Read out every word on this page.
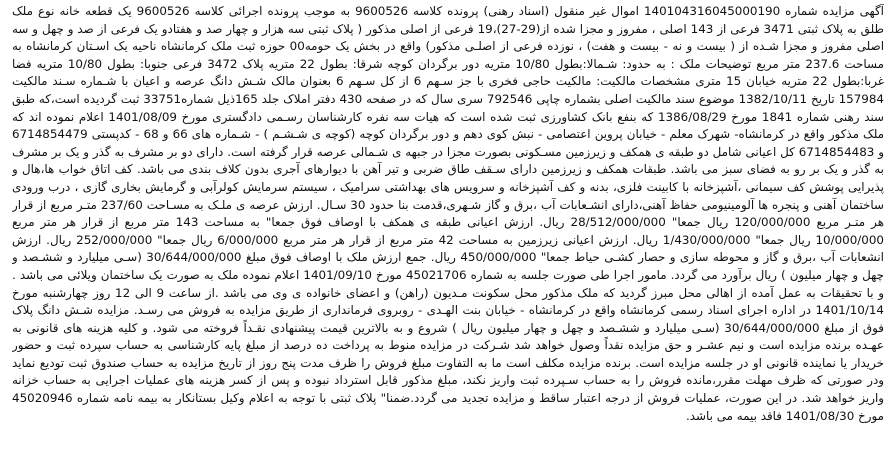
آگهی مزایده شماره 140104316045000190 اموال غیر منقول (اسناد رهنی) پرونده کلاسه 9600526 به موجب پرونده اجرائی کلاسه 9600526 یک قطعه خانه نوع ملک طلق به پلاک ثبتی 3471 فرعی از 143 اصلی ، مفروز و مجزا شده از(29-27)،19 فرعی از اصلی مذکور ( پلاک ثبتی سه هزار و چهار صد و هفتادو یک فرعی از صد و چهل و سه اصلی مفروز و مجزا شـده از ( بیست و نه - بیست و هفت) ، نوزده فرعی از اصلـی مذکور) واقع در بخش یک حومه00 حوزه ثبت ملک کرمانشاه ناحیه یک اسـتان کرمانشاه به مساحت 237.6 متر مربع توضیحات ملک : به حدود: شـمالا:بطول 10/80 متریه دور برگردان کوچه شرقا: بطول 22 متریه پلاک 3472 فرعی جنوبا: بطول 10/80 متریه فضا غربا:بطول 22 متریه خیابان 15 متری مشخصات مالکیت: مالکیت حاجی فخری با جز سـهم 6 از کل سـهم 6 بعنوان مالک شـش دانگ عرصه و اعیان با شـماره سـند مالکیت 157984 تاریخ 1382/10/11 موضوع سند مالکیت اصلی بشماره چاپی 792546 سری سال که در صفحه 430 دفتر املاک جلد 165ذیل شماره33751 ثبت گردیده است،که طبق سند رهنی شماره 1841 مورخ 1386/08/29 که بنفع بانک کشاورزی ثبت شده است که هیات سه نفره کارشناسان رسـمی دادگستری مورخ 1401/08/09 اعلام نموده اند که ملک مذکور واقع در کرمانشاه- شهرک معلم - خیابان پروین اعتصامی - نبش کوی دهم و دور برگردان کوچه (کوچه ی شـشـم ) - شـماره های 66 و 68 - کدپستی 6714854479 و 6714854483 کل اعیانی شامل دو طبقه ی همکف و زیرزمین مسـکونی بصورت مجزا در جبهه ی شـمالی عرصه قرار گرفته است. دارای دو بر مشرف به گذر و یک بر مشرف به گذر و یک بر رو به فضای سبز می باشد. طبقات همکف و زیرزمین دارای سـقف طاق ضربی و تیر آهن با دیوارهای آجری بدون کلاف بندی می باشد. کف اتاق خواب ها،هال و پذیرایی پوشش کف سیمانی ،آشپزخانه با کابینت فلزی، بدنه و کف آشپزخانه و سرویس های بهداشتی سرامیک ، سیستم سرمایش کولرآبی و گرمایش بخاری گازی ، درب ورودی ساختمان آهنی و پنجره ها آلومینیومی حفاظ آهنی،دارای انشـعابات آب ،برق و گاز شـهری،قدمت بنا حدود 30 سـال. ارزش عرصه ی ملـک به مسـاحت 237/60 متـر مربع از قرار هر متـر مربع 120/000/000 ریال جمعا" 28/512/000/000 ریال. ارزش اعیانی طبقه ی همکف با اوصاف فوق جمعا" به مساحت 143 متر مربع از قرار هر متر مربع 10/000/000 ریال جمعا" 1/430/000/000 ریال. ارزش اعیانی زیرزمین به مساحت 42 متر مربع از قرار هر متر مربع 6/000/000 ریال جمعا" 252/000/000 ریال. ارزش انشعابات آب ،برق و گاز و محوطه سازی و حصار کشـی حیاط جمعا" 450/000/000 ریال. جمع ارزش ملک با اوصاف فوق مبلغ 30/644/000/000 (سـی میلیارد و ششـصد و چهل و چهار میلیون ) ریال برآورد می گردد. مامور اجرا طی صورت جلسه به شماره 45021706 مورخ 1401/09/10 اعلام نموده ملک به صورت یک ساختمان ویلائی می باشد . و با تحقیقات به عمل آمده از اهالی محل مبرز گردید که ملک مذکور محل سکونت مـدیون (راهن) و اعضای خانواده ی وی می باشد .از ساعت 9 الی 12 روز چهارشنبه مورخ 1401/10/14 در اداره اجرای اسناد رسمی کرمانشاه واقع در کرمانشاه - خیابان بنت الهـدی - روبروی فرمانداری از طریق مزایده به فروش می رسـد. مزایده شـش دانگ پلاک فوق از مبلغ 30/644/000/000 (سـی میلیارد و ششـصد و چهل و چهار میلیون ریال ) شروع و به بالاترین قیمت پیشنهادی نقـداً فروخته می شود. و کلیه هزینه های قانونی به عهـده برنده مزایده است و نیم عشـر و حق مزایده نقداً وصول خواهد شد شـرکت در مزایده منوط به پرداخت ده درصد از مبلغ پایه کارشناسی به حساب سپرده ثبت و حضور خریدار یا نماینده قانونی او در جلسه مزایده است. برنده مزایده مکلف است ما به التفاوت مبلغ فروش را ظرف مدت پنج روز از تاریخ مزایده به حساب صندوق ثبت تودیع نماید ودر صورتی که ظرف مهلت مقرر،مانده فروش را به حساب سـپرده ثبت واریز نکند، مبلغ مذکور قابل استرداد نبوده و پس از کسر هزینه های عملیات اجرایی به حساب خزانه واریز خواهد شد. در این صورت، عملیات فروش از درجه اعتبار ساقط و مزایده تجدید می گردد.ضمنا" پلاک ثبتی با توجه به اعلام وکیل بستانکار به بیمه نامه شماره 45020946 مورخ 1401/08/30 فاقد بیمه می باشد.
